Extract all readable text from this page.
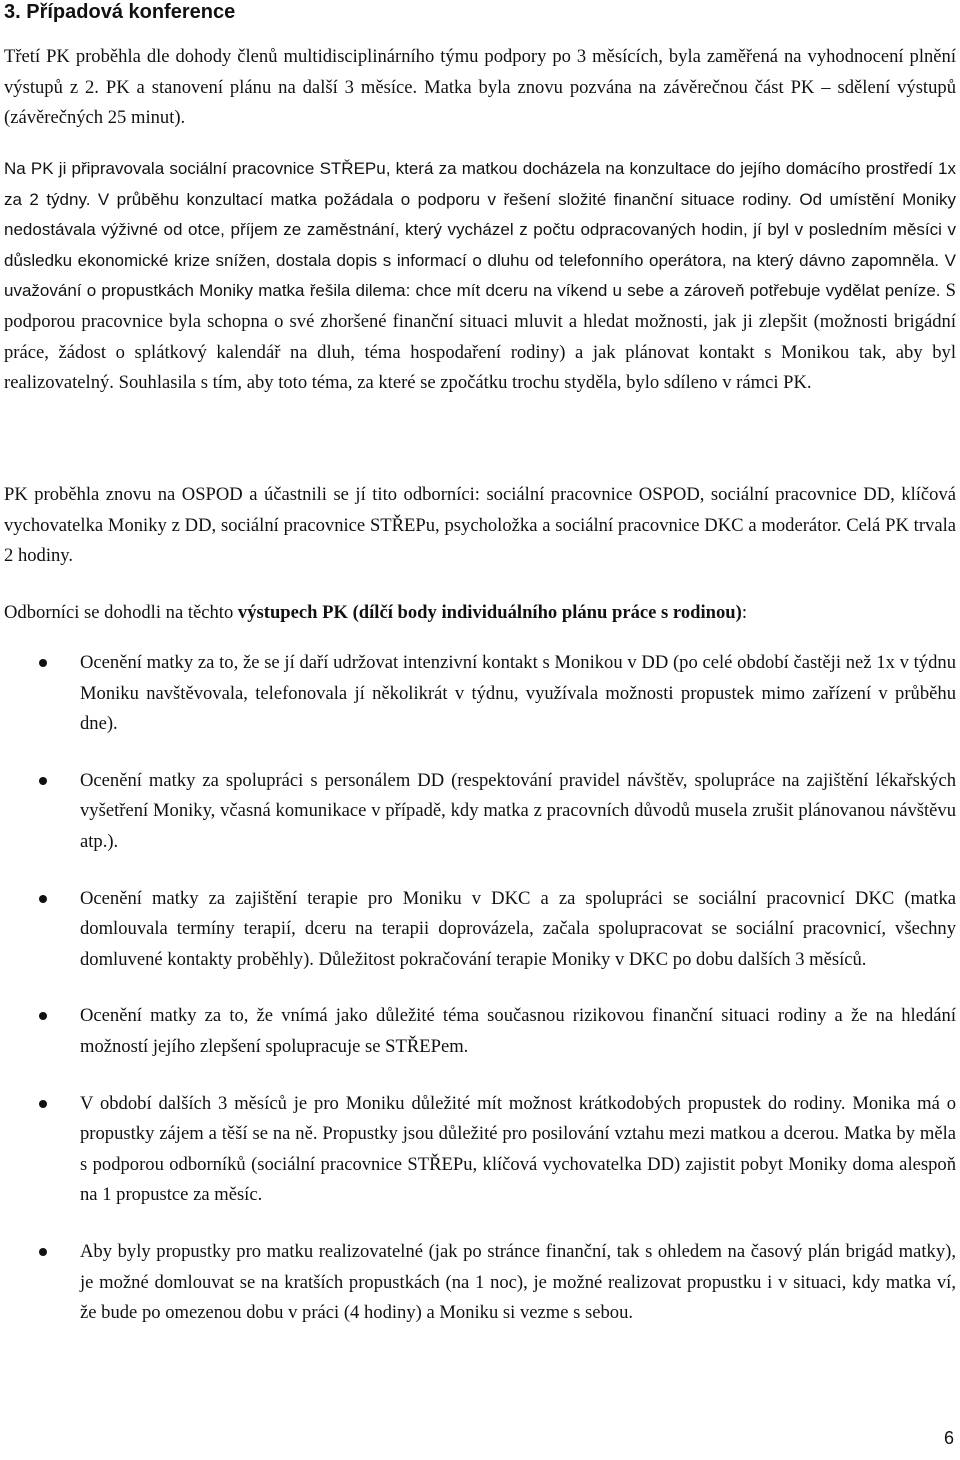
3. Případová konference

Třetí PK proběhla dle dohody členů multidisciplinárního týmu podpory po 3 měsících, byla zaměřená na vyhodnocení plnění výstupů z 2. PK a stanovení plánu na další 3 měsíce. Matka byla znovu pozvána na závěrečnou část PK – sdělení výstupů (závěrečných 25 minut).

Na PK ji připravovala sociální pracovnice STŘEPu, která za matkou docházela na konzultace do jejího domácího prostředí 1x za 2 týdny. V průběhu konzultací matka požádala o podporu v řešení složité finanční situace rodiny. Od umístění Moniky nedostávala výživné od otce, příjem ze zaměstnání, který vycházel z počtu odpracovaných hodin, jí byl v posledním měsíci v důsledku ekonomické krize snížen, dostala dopis s informací o dluhu od telefonního operátora, na který dávno zapomněla. V uvažování o propustkách Moniky matka řešila dilema: chce mít dceru na víkend u sebe a zároveň potřebuje vydělat peníze. S podporou pracovnice byla schopna o své zhoršené finanční situaci mluvit a hledat možnosti, jak ji zlepšit (možnosti brigádní práce, žádost o splátkový kalendář na dluh, téma hospodaření rodiny) a jak plánovat kontakt s Monikou tak, aby byl realizovatelný. Souhlasila s tím, aby toto téma, za které se zpočátku trochu styděla, bylo sdíleno v rámci PK.

PK proběhla znovu na OSPOD a účastnili se jí tito odborníci: sociální pracovnice OSPOD, sociální pracovnice DD, klíčová vychovatelka Moniky z DD, sociální pracovnice STŘEPu, psycholožka a sociální pracovnice DKC a moderátor. Celá PK trvala 2 hodiny.

Odborníci se dohodli na těchto výstupech PK (dílčí body individuálního plánu práce s rodinou):

Ocenění matky za to, že se jí daří udržovat intenzivní kontakt s Monikou v DD (po celé období častěji než 1x v týdnu Moniku navštěvovala, telefonovala jí několikrát v týdnu, využívala možnosti propustek mimo zařízení v průběhu dne).
Ocenění matky za spolupráci s personálem DD (respektování pravidel návštěv, spolupráce na zajištění lékařských vyšetření Moniky, včasná komunikace v případě, kdy matka z pracovních důvodů musela zrušit plánovanou návštěvu atp.).
Ocenění matky za zajištění terapie pro Moniku v DKC a za spolupráci se sociální pracovnicí DKC (matka domlouvala termíny terapií, dceru na terapii doprovázela, začala spolupracovat se sociální pracovnicí, všechny domluvené kontakty proběhly). Důležitost pokračování terapie Moniky v DKC po dobu dalších 3 měsíců.
Ocenění matky za to, že vnímá jako důležité téma současnou rizikovou finanční situaci rodiny a že na hledání možností jejího zlepšení spolupracuje se STŘEPem.
V období dalších 3 měsíců je pro Moniku důležité mít možnost krátkodobých propustek do rodiny. Monika má o propustky zájem a těší se na ně. Propustky jsou důležité pro posilování vztahu mezi matkou a dcerou. Matka by měla s podporou odborníků (sociální pracovnice STŘEPu, klíčová vychovatelka DD) zajistit pobyt Moniky doma alespoň na 1 propustce za měsíc.
Aby byly propustky pro matku realizovatelné (jak po stránce finanční, tak s ohledem na časový plán brigád matky), je možné domlouvat se na kratších propustkách (na 1 noc), je možné realizovat propustku i v situaci, kdy matka ví, že bude po omezenou dobu v práci (4 hodiny) a Moniku si vezme s sebou.

6
